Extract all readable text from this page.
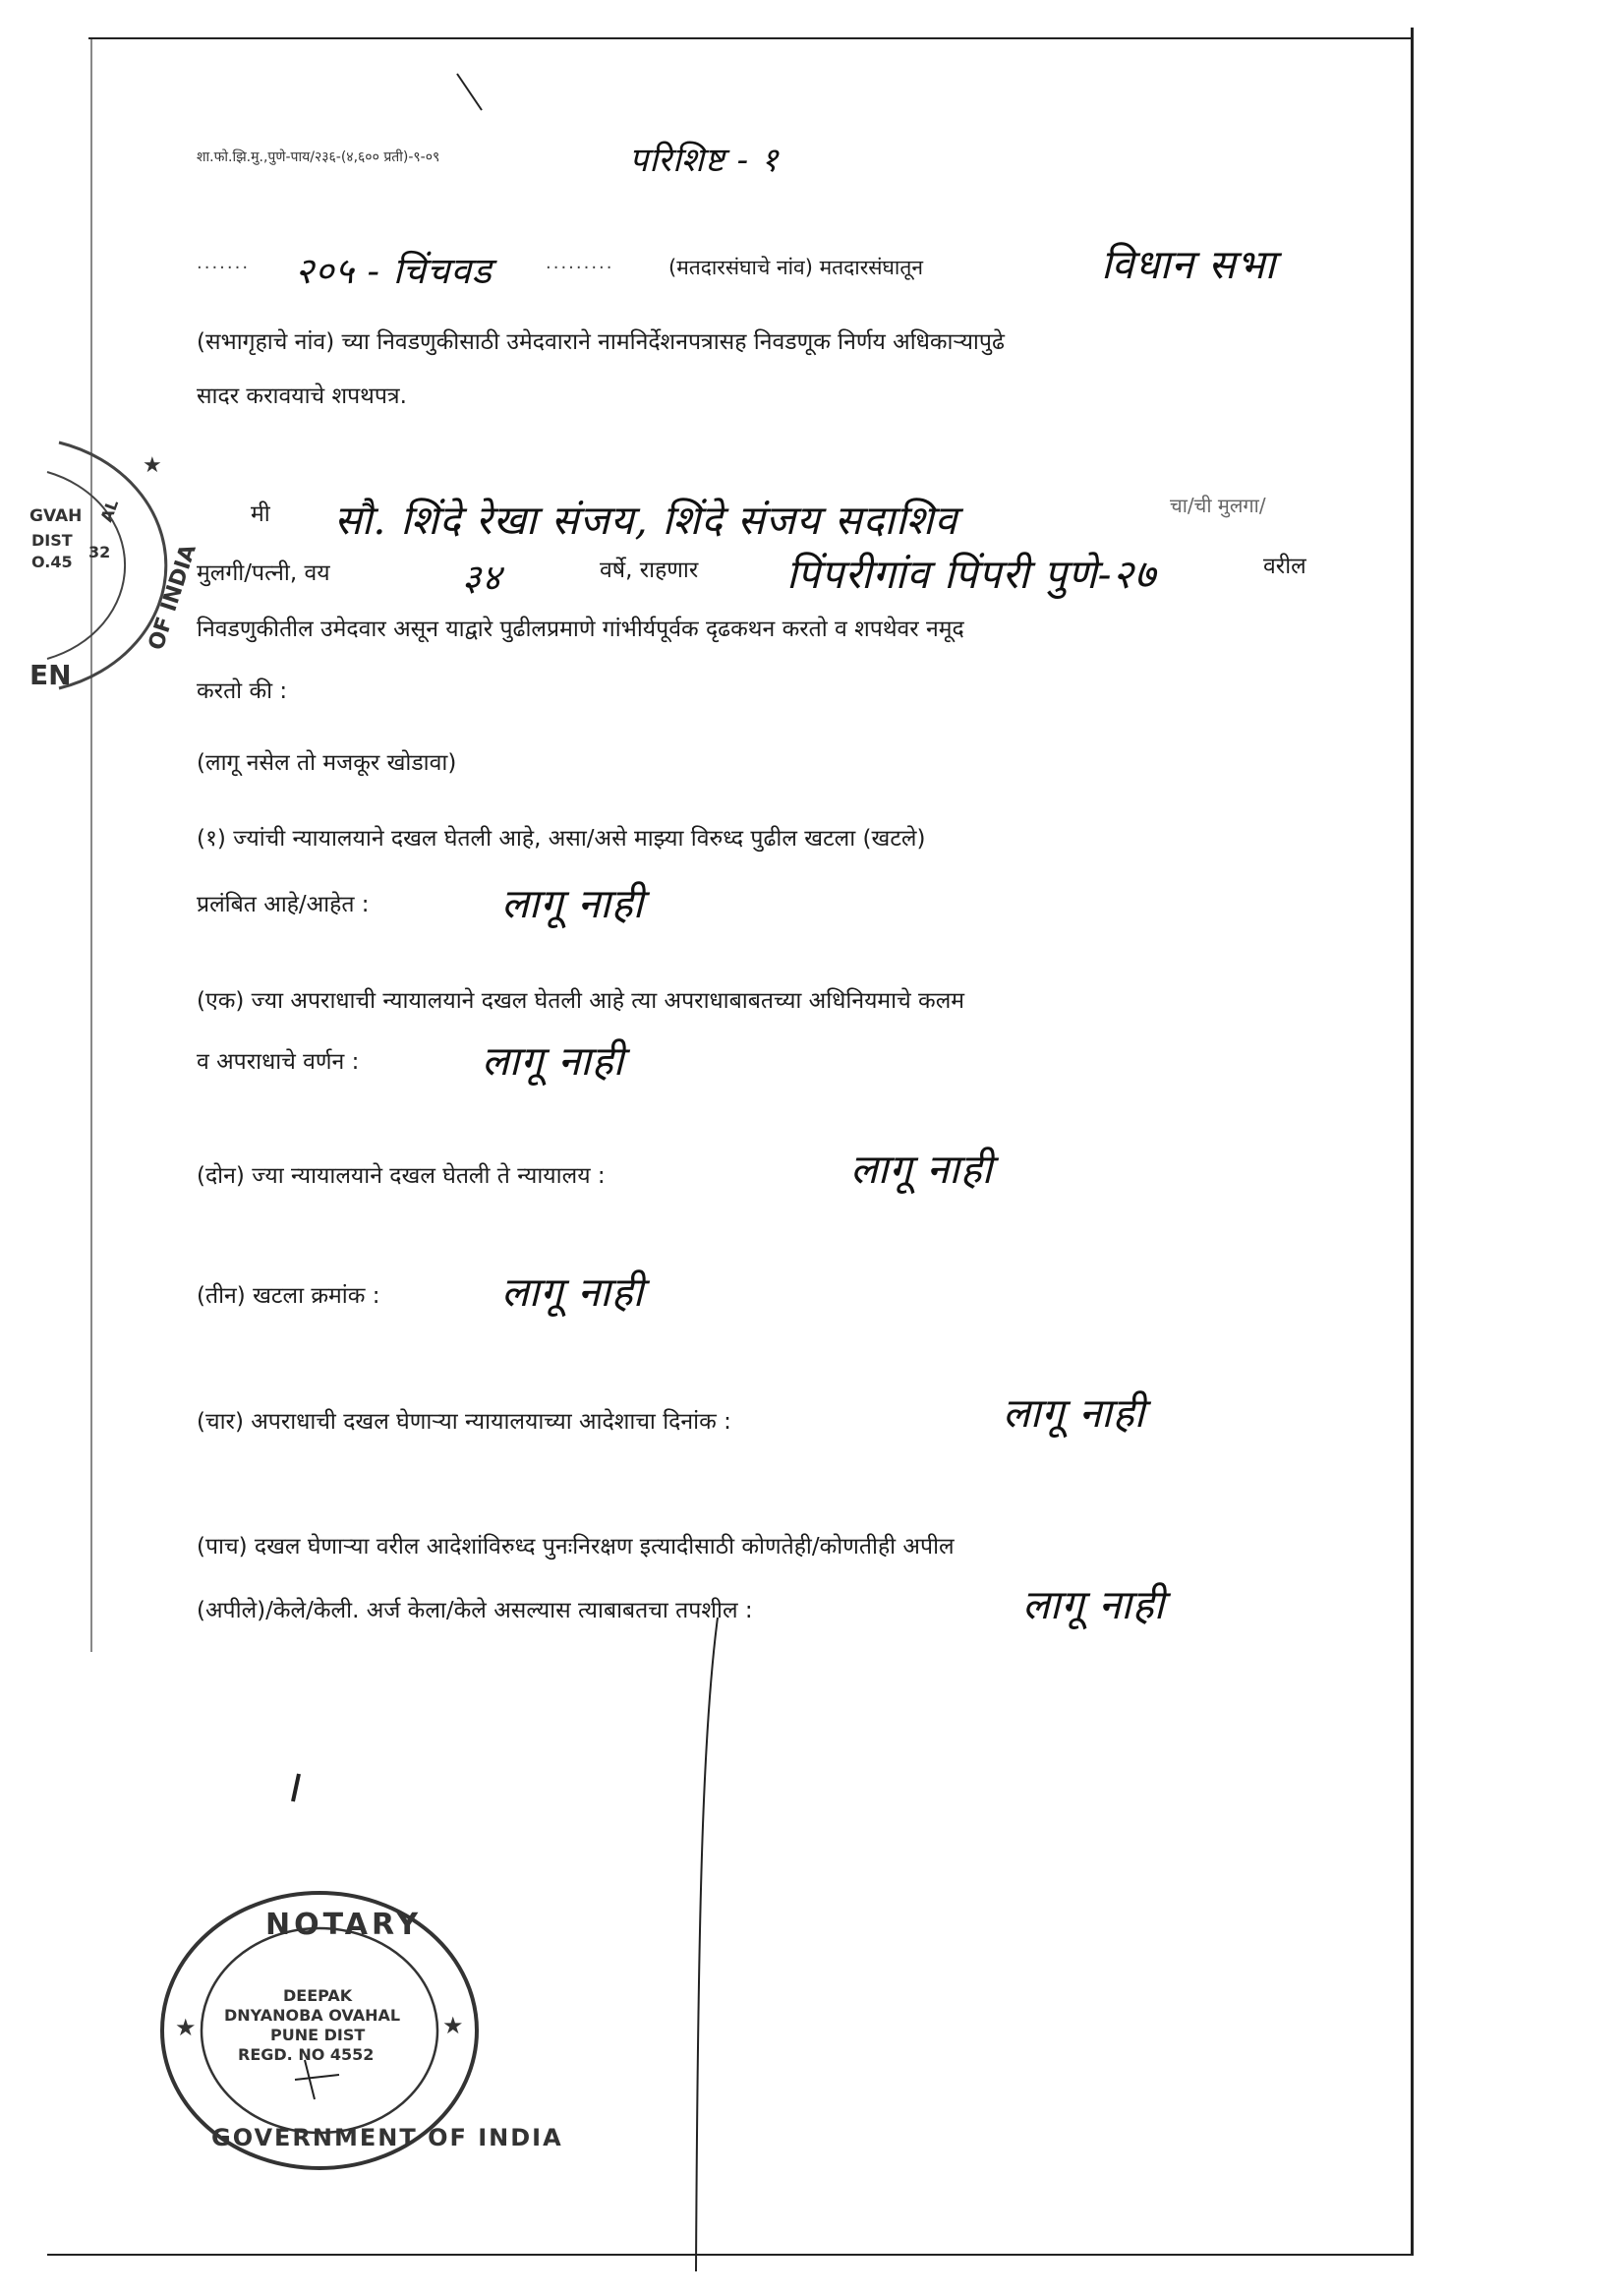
शा.फो.झि.मु.,पुणे-पाय/२३६-(४,६०० प्रती)-९-०९	परिशिष्ट - १
······· २०५ - चिंचवड	·········	(मतदारसंघाचे नांव) मतदारसंघातून	विधान सभा
(सभागृहाचे नांव) च्या निवडणुकीसाठी उमेदवाराने नामनिर्देशनपत्रासह निवडणूक निर्णय अधिकाऱ्यापुढे
सादर करावयाचे शपथपत्र.
मी सौ. शिंदे रेखा संजय, शिंदे संजय सदाशिव	चा/ची मुलगा/
मुलगी/पत्नी, वय	३४	वर्षे, राहणार पिंपरीगांव पिंपरी पुणे-२७	वरील
निवडणुकीतील उमेदवार असून याद्वारे पुढीलप्रमाणे गांभीर्यपूर्वक दृढकथन करतो व शपथेवर नमूद
करतो की :
(लागू नसेल तो मजकूर खोडावा)
(१) ज्यांची न्यायालयाने दखल घेतली आहे, असा/असे माझ्या विरुध्द पुढील खटला (खटले)
प्रलंबित आहे/आहेत :	लागू नाही
(एक) ज्या अपराधाची न्यायालयाने दखल घेतली आहे त्या अपराधाबाबतच्या अधिनियमाचे कलम
व अपराधाचे वर्णन :	लागू नाही
(दोन) ज्या न्यायालयाने दखल घेतली ते न्यायालय :	लागू नाही
(तीन) खटला क्रमांक :	लागू नाही
(चार) अपराधाची दखल घेणाऱ्या न्यायालयाच्या आदेशाचा दिनांक :	लागू नाही
(पाच) दखल घेणाऱ्या वरील आदेशांविरुध्द पुनःनिरक्षण इत्यादीसाठी कोणतेही/कोणतीही अपील
(अपीले)/केले/केली. अर्ज केला/केले असल्यास त्याबाबतचा तपशील :	लागू नाही
★
GVAH AL
DIST
O.45
32 OF INDIA
EN
★	★
NOTARY
DEEPAK
DNYANOBA OVAHAL
PUNE DIST
REGD. NO 4552
GOVERNMENT OF INDIA
